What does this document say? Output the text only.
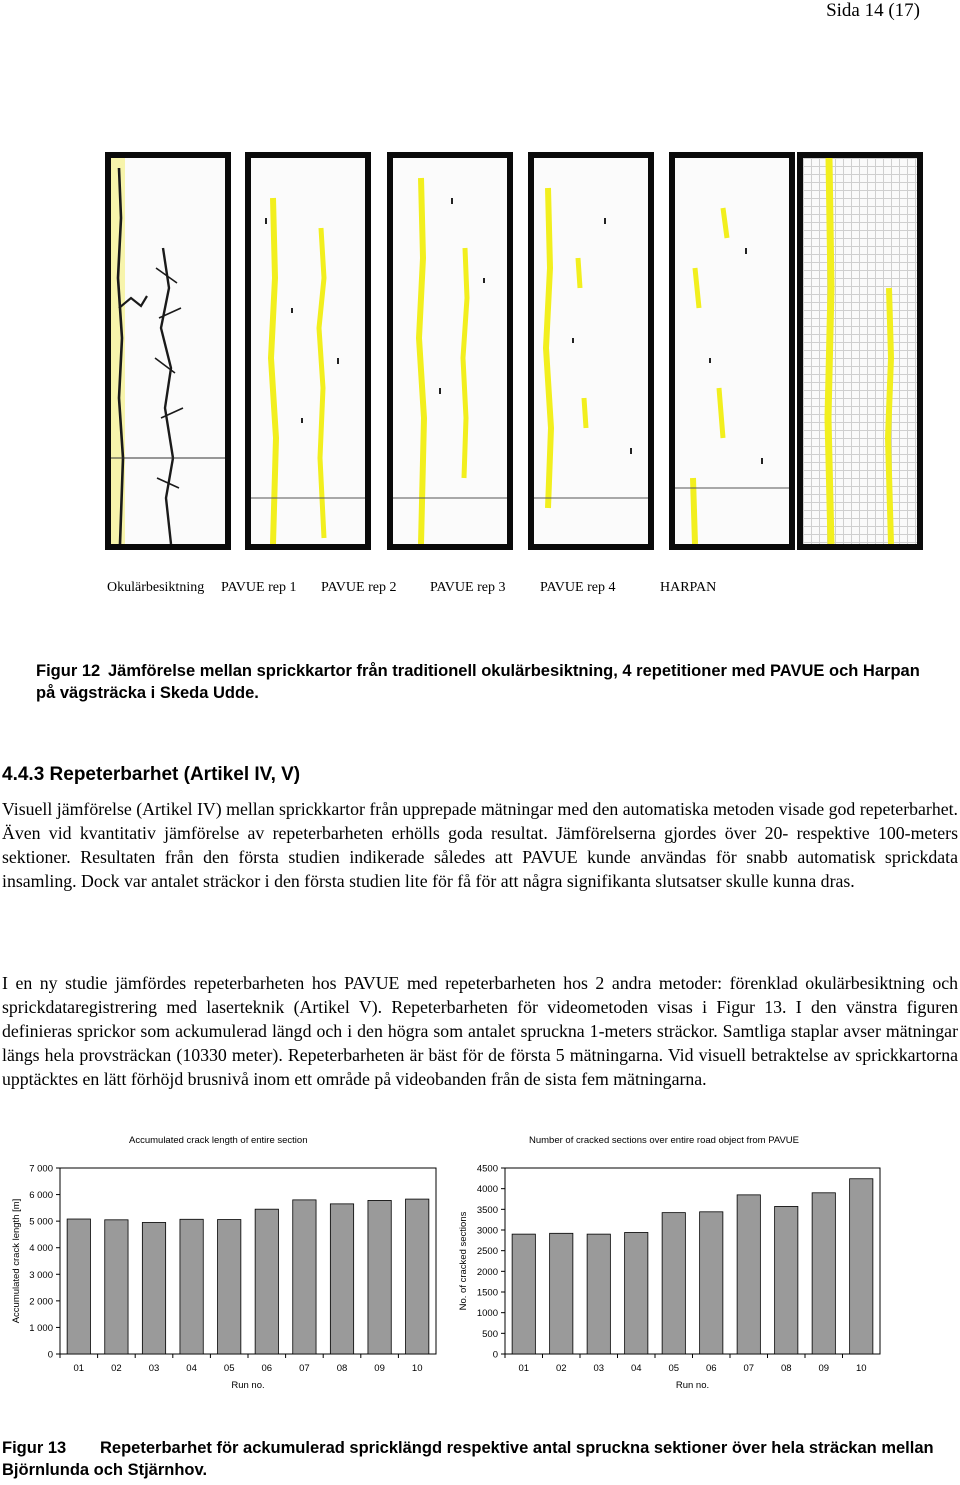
Sida 14 (17)
Okulärbesiktning PAVUE rep 1 PAVUE rep 2 PAVUE rep 3 PAVUE rep 4	HARPAN
Figur 12 Jämförelse mellan sprickkartor från traditionell okulärbesiktning, 4 repetitioner med PAVUE och Harpan på vägsträcka i Skeda Udde.
4.4.3 Repeterbarhet (Artikel IV, V)
Visuell jämförelse (Artikel IV) mellan sprickkartor från upprepade mätningar med den automatiska metoden visade god repeterbarhet. Även vid kvantitativ jämförelse av repeterbarheten erhölls goda resultat. Jämförelserna gjordes över 20- respektive 100-meters sektioner. Resultaten från den första studien indikerade således att PAVUE kunde användas för snabb automatisk sprickdata insamling. Dock var antalet sträckor i den första studien lite för få för att några signifikanta slutsatser skulle kunna dras.
I en ny studie jämfördes repeterbarheten hos PAVUE med repeterbarheten hos 2 andra metoder: förenklad okulärbesiktning och sprickdataregistrering med laserteknik (Artikel V). Repeterbarheten för videometoden visas i Figur 13. I den vänstra figuren definieras sprickor som ackumulerad längd och i den högra som antalet spruckna 1-meters sträckor. Samtliga staplar avser mätningar längs hela provsträckan (10330 meter). Repeterbarheten är bäst för de första 5 mätningarna. Vid visuell betraktelse av sprickkartorna upptäcktes en lätt förhöjd brusnivå inom ett område på videobanden från de sista fem mätningarna.
Accumulated crack length of entire section	Number of cracked sections over entire road object from PAVUE
0
1 000
2 000
3 000
4 000
5 000
6 000
7 000
01	02	03	04	05	06	07	08	09	10
Run no.
Accumulated crack length [m]
0
500
1000
1500
2000
2500
3000
3500
4000
4500
01	02	03	04	05	06	07	08	09	10
Run no.
No. of cracked sections
Figur 13 Repeterbarhet för ackumulerad spricklängd respektive antal spruckna sektioner över hela sträckan mellan Björnlunda och Stjärnhov.
